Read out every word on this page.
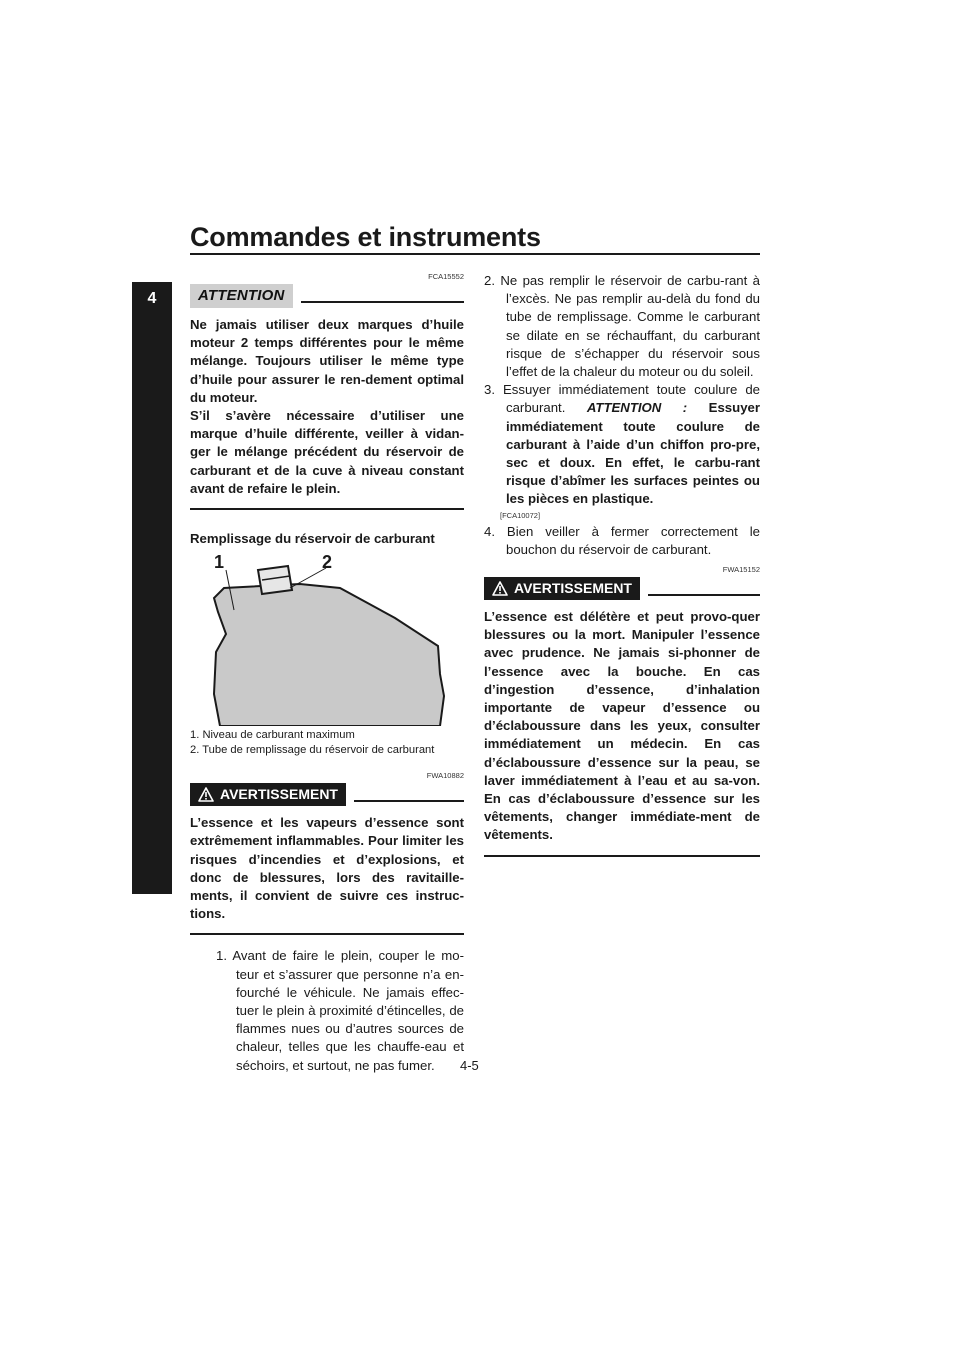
Commandes et instruments
4
FCA15552
ATTENTION

Ne jamais utiliser deux marques d’huile moteur 2 temps différentes pour le même mélange. Toujours utiliser le même type d’huile pour assurer le ren-dement optimal du moteur.

S’il s’avère nécessaire d’utiliser une marque d’huile différente, veiller à vidan-ger le mélange précédent du réservoir de carburant et de la cuve à niveau constant avant de refaire le plein.

Remplissage du réservoir de carburant
1	2
1. Niveau de carburant maximum
2. Tube de remplissage du réservoir de carburant
FWA10882
AVERTISSEMENT
L’essence et les vapeurs d’essence sont extrêmement inflammables. Pour limiter les risques d’incendies et d’explosions, et donc de blessures, lors des ravitaille-ments, il convient de suivre ces instruc-tions.
1. Avant de faire le plein, couper le mo-teur et s’assurer que personne n’a en-fourché le véhicule. Ne jamais effec-tuer le plein à proximité d’étincelles, de flammes nues ou d’autres sources de chaleur, telles que les chauffe-eau et séchoirs, et surtout, ne pas fumer.
2. Ne pas remplir le réservoir de carbu-rant à l’excès. Ne pas remplir au-delà du fond du tube de remplissage. Comme le carburant se dilate en se réchauffant, du carburant risque de s’échapper du réservoir sous l’effet de la chaleur du moteur ou du soleil.
3. Essuyer immédiatement toute coulure de carburant. ATTENTION : Essuyer immédiatement toute coulure de carburant à l’aide d’un chiffon pro-pre, sec et doux. En effet, le carbu-rant risque d’abîmer les surfaces peintes ou les pièces en plastique.
[FCA10072]
4. Bien veiller à fermer correctement le bouchon du réservoir de carburant.
FWA15152
AVERTISSEMENT
L’essence est délétère et peut provo-quer blessures ou la mort. Manipuler l’essence avec prudence. Ne jamais si-phonner de l’essence avec la bouche. En cas d’ingestion d’essence, d’inhalation importante de vapeur d’essence ou d’éclaboussure dans les yeux, consulter immédiatement un médecin. En cas d’éclaboussure d’essence sur la peau, se laver immédiatement à l’eau et au sa-von. En cas d’éclaboussure d’essence sur les vêtements, changer immédiate-ment de vêtements.
4-5
